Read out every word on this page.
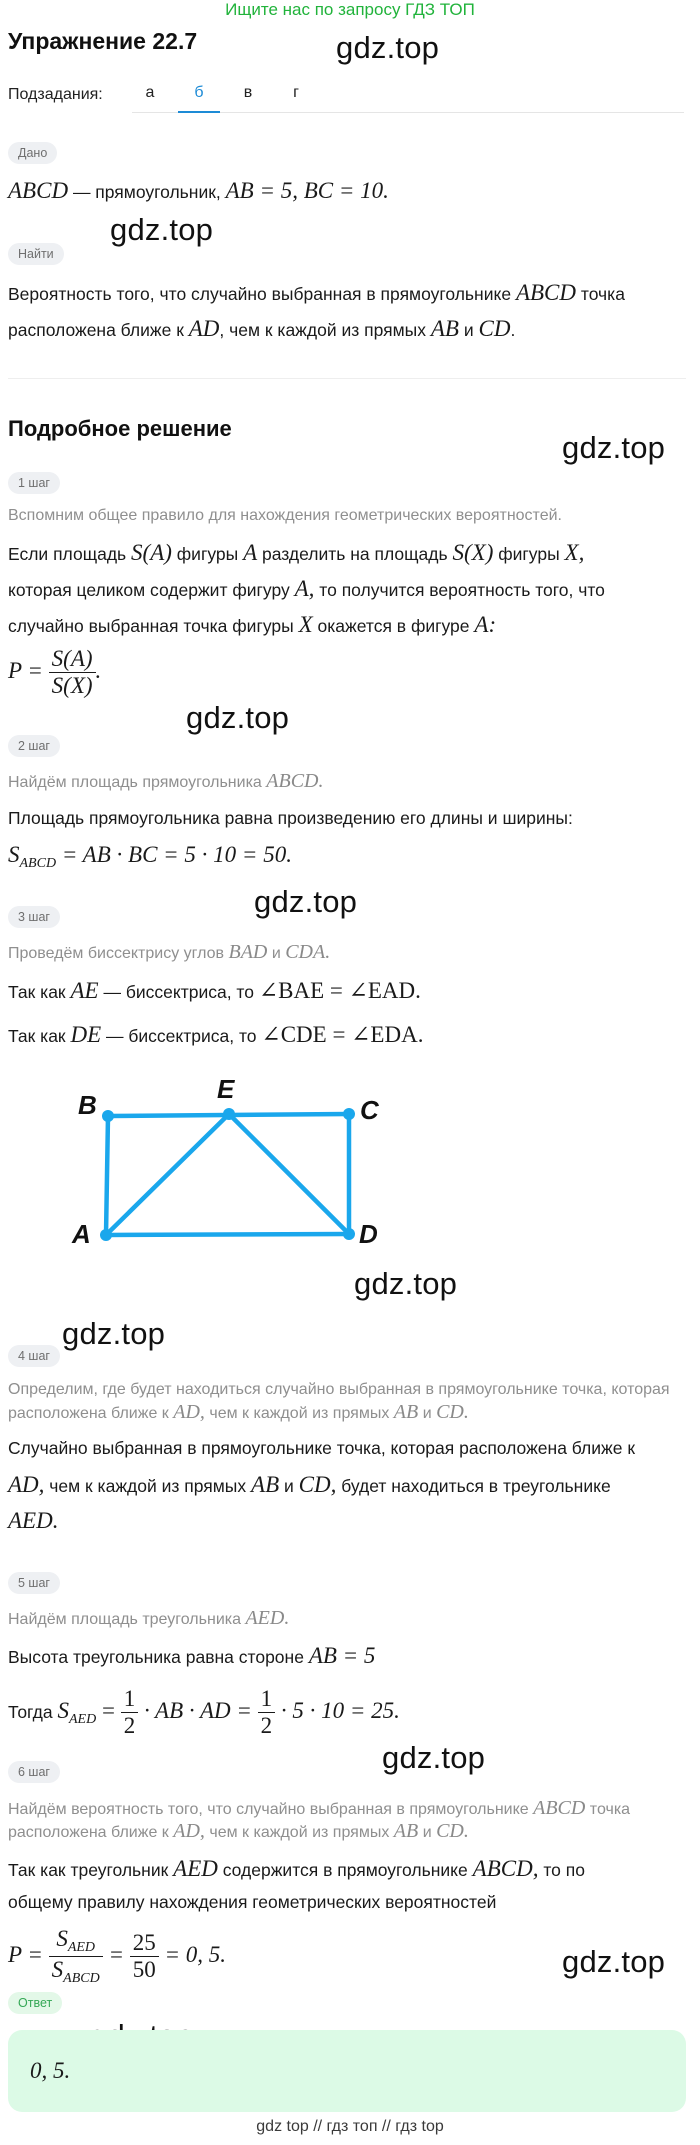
Ищите нас по запросу ГДЗ ТОП
Упражнение 22.7	gdz.top
gdz.top
gdz.top
gdz.top
gdz.top
gdz.top
gdz.top
gdz.top
gdz.top
Подзадания:	а	б	в	г
Дано
ABCD — прямоугольник, AB = 5, BC = 10.
Найти
Вероятность того, что случайно выбранная в прямоугольнике ABCD точка
расположена ближе к AD, чем к каждой из прямых AB и CD.
Подробное решение
1 шаг
Вспомним общее правило для нахождения геометрических вероятностей.
Если площадь S(A) фигуры A разделить на площадь S(X) фигуры X,
которая целиком содержит фигуру A, то получится вероятность того, что
случайно выбранная точка фигуры X окажется в фигуре A:
$P = \frac{S(A)}{S(X)}$ .
2 шаг
Найдём площадь прямоугольника ABCD.
Площадь прямоугольника равна произведению его длины и ширины:
$S_{ABCD}$ = AB · BC = 5 · 10 = 50.
3 шаг
Проведём биссектрису углов BAD и CDA.
Так как AE — биссектриса, то ∠BAE = ∠EAD.
Так как DE — биссектриса, то ∠CDE = ∠EDA.
B
E
C
A	D
4 шаг
Определим, где будет находиться случайно выбранная в прямоугольнике точка, которая
расположена ближе к AD, чем к каждой из прямых AB и CD.
Случайно выбранная в прямоугольнике точка, которая расположена ближе к
AD, чем к каждой из прямых AB и CD, будет находиться в треугольнике
AED.
5 шаг
Найдём площадь треугольника AED.
Высота треугольника равна стороне AB = 5
Тогда $S_{AED} = \frac{1}{2}$ · AB · AD = $\frac{1}{2} \cdot 5 \cdot 10 = 25$.
6 шаг
Найдём вероятность того, что случайно выбранная в прямоугольнике ABCD точка
расположена ближе к AD, чем к каждой из прямых AB и CD.
Так как треугольник AED содержится в прямоугольнике ABCD, то по
общему правилу нахождения геометрических вероятностей
$P = \frac{S_{AED}}{S_{ABCD}} = \frac{25}{50} = 0$, 5.
Ответ
0, 5.
gdz top // гдз топ // гдз top
